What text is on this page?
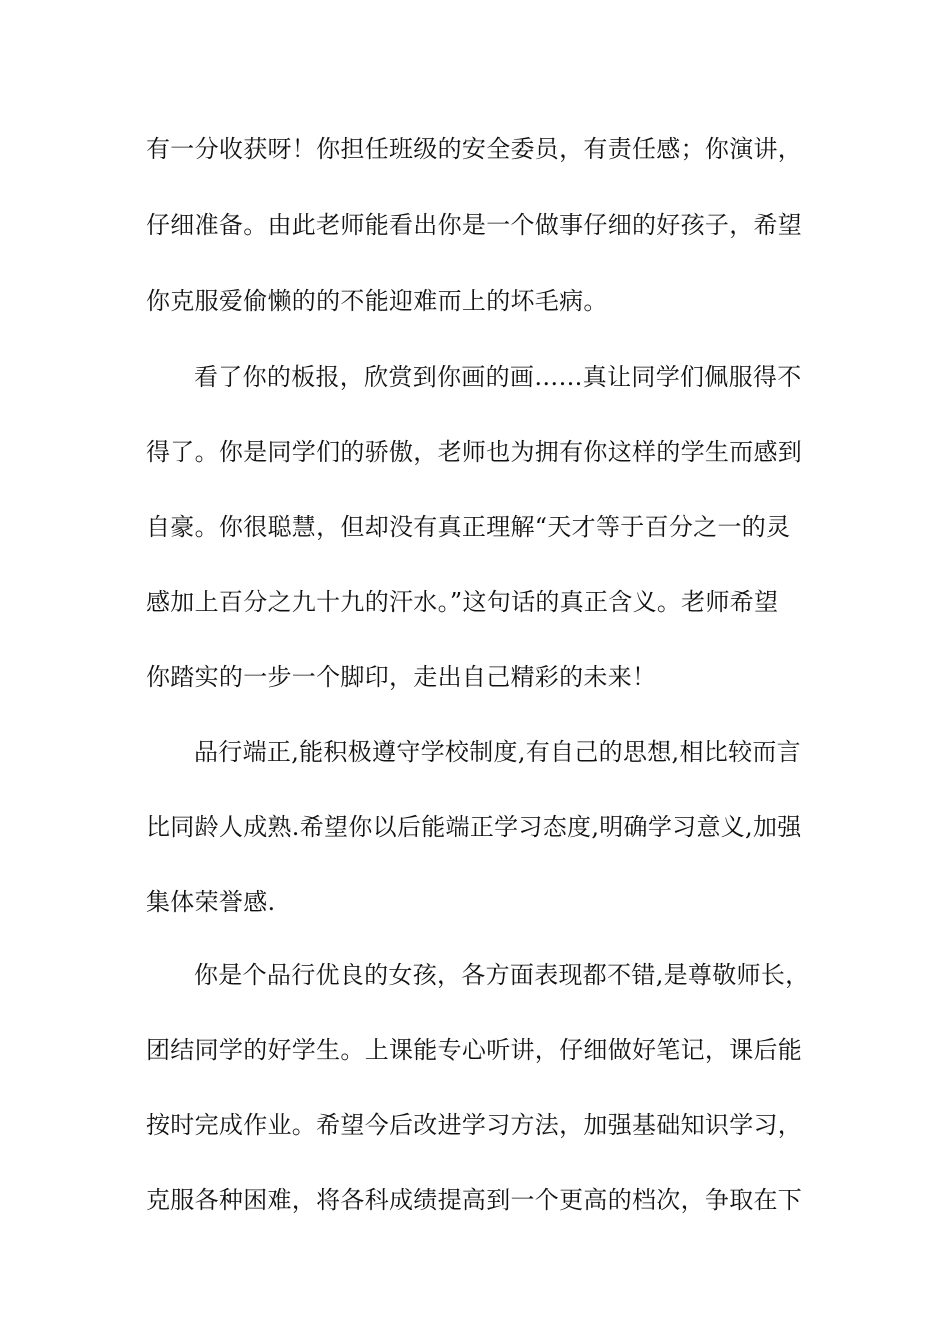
有一分收获呀！你担任班级的安全委员，有责任感；你演讲，
仔细准备。由此老师能看出你是一个做事仔细的好孩子，希望
你克服爱偷懒的的不能迎难而上的坏毛病。
看了你的板报，欣赏到你画的画……真让同学们佩服得不
得了。你是同学们的骄傲，老师也为拥有你这样的学生而感到
自豪。你很聪慧，但却没有真正理解“天才等于百分之一的灵
感加上百分之九十九的汗水。”这句话的真正含义。老师希望
你踏实的一步一个脚印，走出自己精彩的未来！
品行端正,能积极遵守学校制度,有自己的思想,相比较而言
比同龄人成熟.希望你以后能端正学习态度,明确学习意义,加强
集体荣誉感.
你是个品行优良的女孩，各方面表现都不错,是尊敬师长，
团结同学的好学生。上课能专心听讲，仔细做好笔记，课后能
按时完成作业。希望今后改进学习方法，加强基础知识学习，
克服各种困难，将各科成绩提高到一个更高的档次，争取在下
